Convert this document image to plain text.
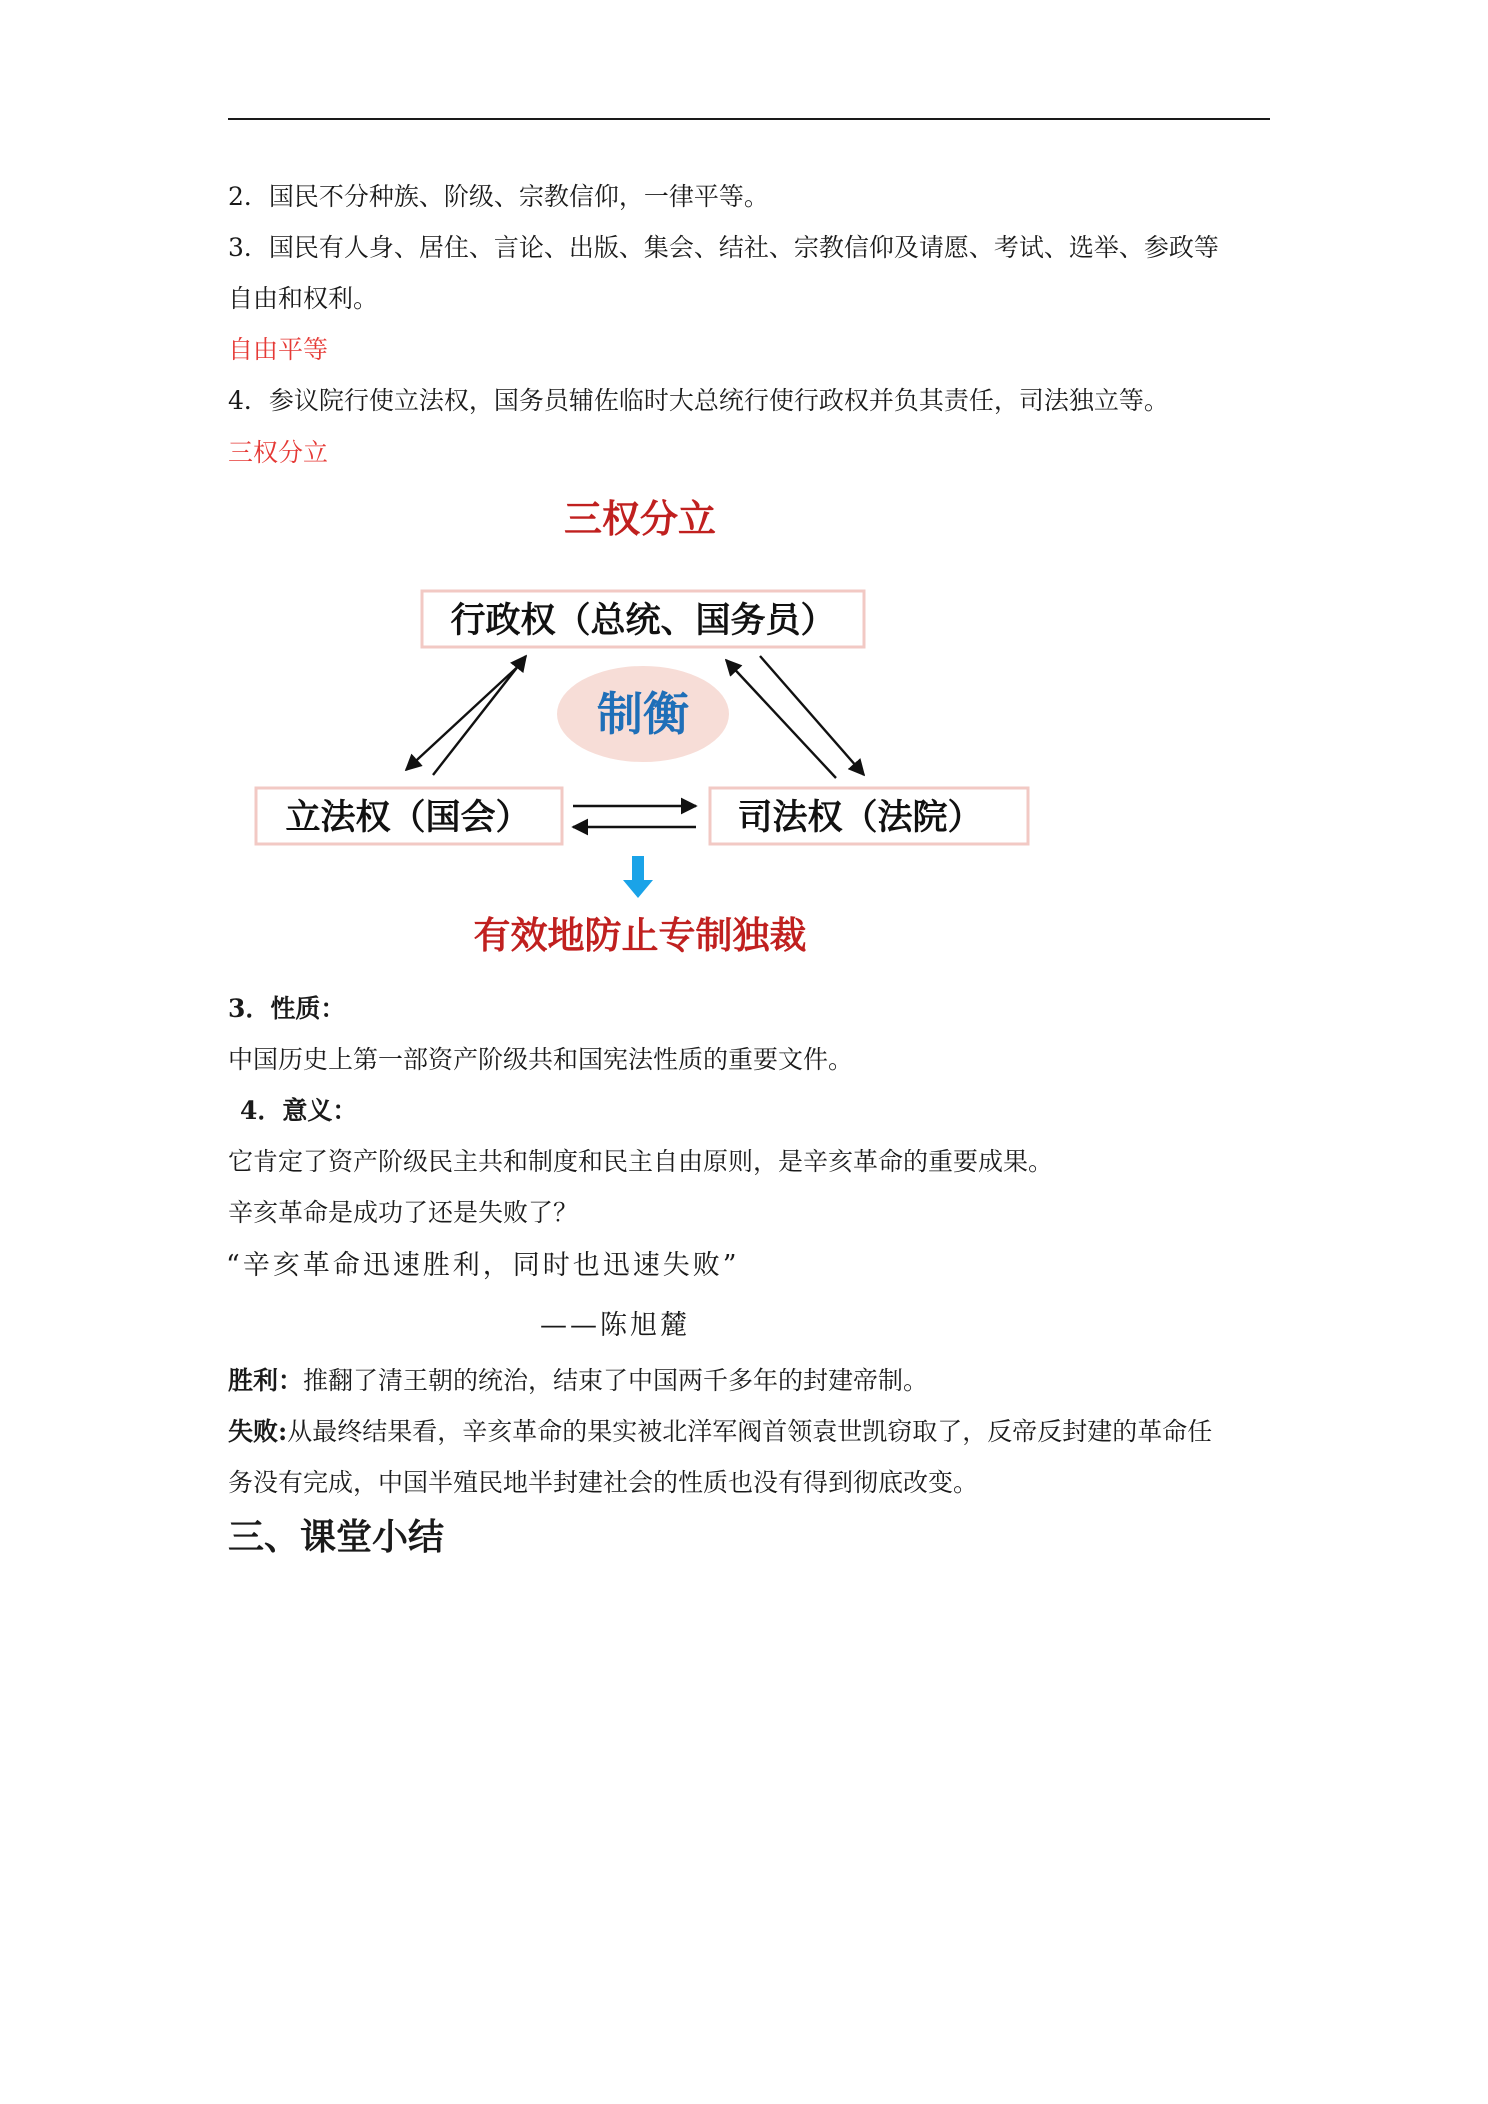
2．国民不分种族、阶级、宗教信仰，一律平等。
3．国民有人身、居住、言论、出版、集会、结社、宗教信仰及请愿、考试、选举、参政等
自由和权利。
自由平等
4．参议院行使立法权，国务员辅佐临时大总统行使行政权并负其责任，司法独立等。
三权分立
三权分立
行政权（总统、国务员）
制衡
立法权（国会）	司法权（法院）
有效地防止专制独裁
3．性质：
中国历史上第一部资产阶级共和国宪法性质的重要文件。
4．意义：
它肯定了资产阶级民主共和制度和民主自由原则，是辛亥革命的重要成果。
辛亥革命是成功了还是失败了？
“辛亥革命迅速胜利，同时也迅速失败”
——陈旭麓
胜利：推翻了清王朝的统治，结束了中国两千多年的封建帝制。
失败:从最终结果看，辛亥革命的果实被北洋军阀首领袁世凯窃取了，反帝反封建的革命任
务没有完成，中国半殖民地半封建社会的性质也没有得到彻底改变。
三、课堂小结
